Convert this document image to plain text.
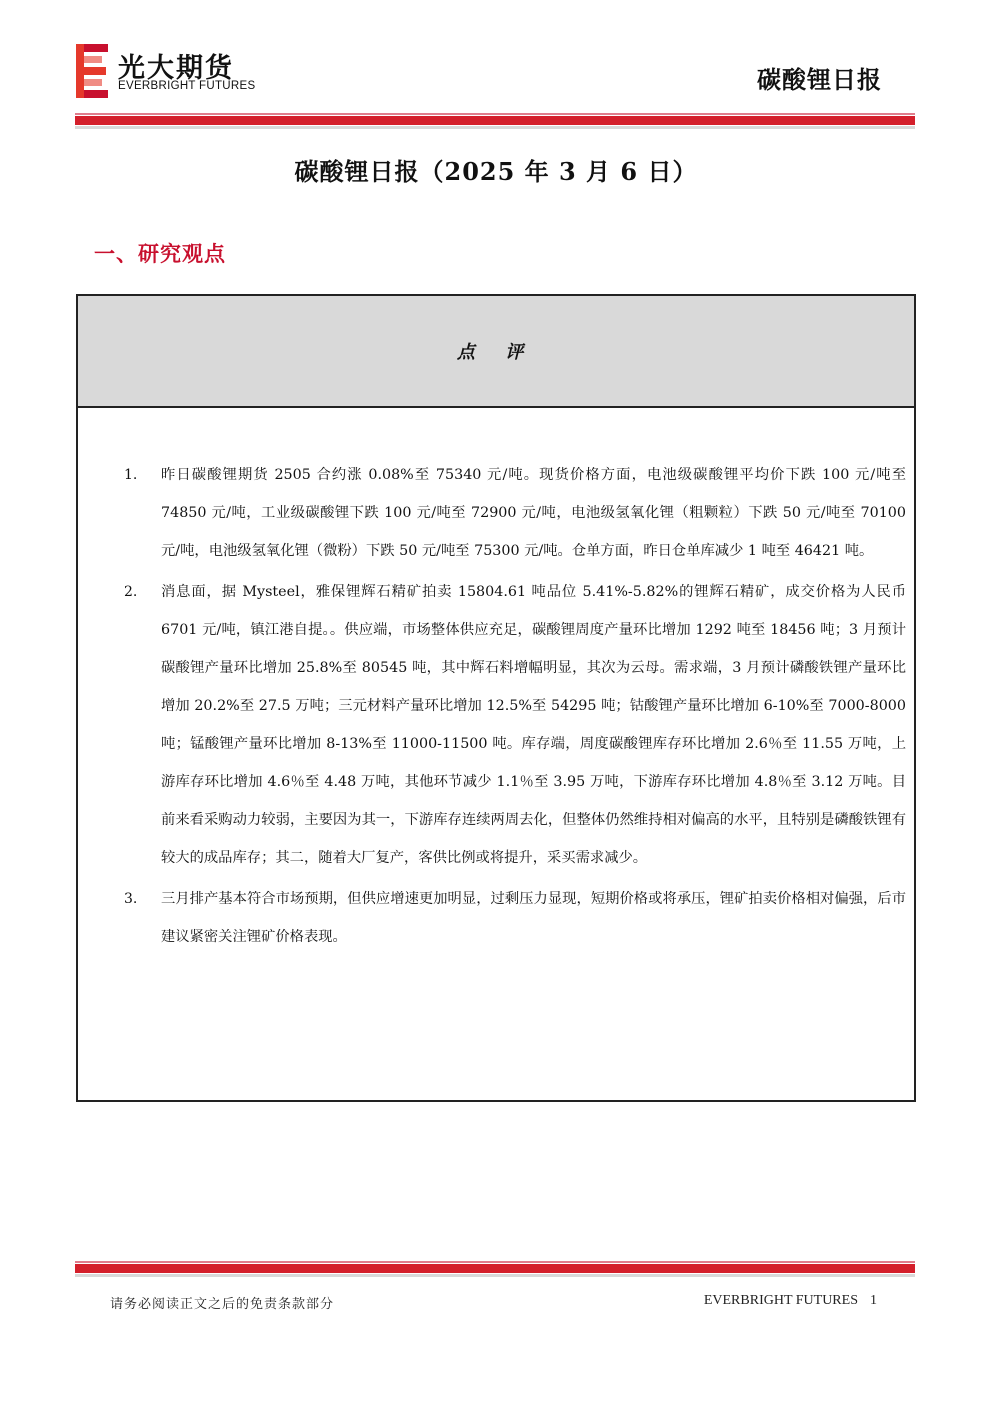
光大期货
EVERBRIGHT FUTURES	碳酸锂日报
碳酸锂日报（2025 年 3 月 6 日）
一、研究观点
点 评
1. 昨日碳酸锂期货 2505 合约涨 0.08%至 75340 元/吨。现货价格方面，电池级碳酸锂平均价下跌 100 元/吨至 74850 元/吨，工业级碳酸锂下跌 100 元/吨至 72900 元/吨，电池级氢氧化锂（粗颗粒）下跌 50 元/吨至 70100 元/吨，电池级氢氧化锂（微粉）下跌 50 元/吨至 75300 元/吨。仓单方面，昨日仓单库减少 1 吨至 46421 吨。
2. 消息面，据 Mysteel，雅保锂辉石精矿拍卖 15804.61 吨品位 5.41%-5.82%的锂辉石精矿，成交价格为人民币 6701 元/吨，镇江港自提。。供应端，市场整体供应充足，碳酸锂周度产量环比增加 1292 吨至 18456 吨；3 月预计碳酸锂产量环比增加 25.8%至 80545 吨，其中辉石料增幅明显，其次为云母。需求端，3 月预计磷酸铁锂产量环比增加 20.2%至 27.5 万吨；三元材料产量环比增加 12.5%至 54295 吨；钴酸锂产量环比增加 6-10%至 7000-8000 吨；锰酸锂产量环比增加 8-13%至 11000-11500 吨。库存端，周度碳酸锂库存环比增加 2.6％至 11.55 万吨，上游库存环比增加 4.6％至 4.48 万吨，其他环节减少 1.1％至 3.95 万吨，下游库存环比增加 4.8％至 3.12 万吨。目前来看采购动力较弱，主要因为其一，下游库存连续两周去化，但整体仍然维持相对偏高的水平，且特别是磷酸铁锂有较大的成品库存；其二，随着大厂复产，客供比例或将提升，采买需求减少。
3. 三月排产基本符合市场预期，但供应增速更加明显，过剩压力显现，短期价格或将承压，锂矿拍卖价格相对偏强，后市建议紧密关注锂矿价格表现。
请务必阅读正文之后的免责条款部分	EVERBRIGHT FUTURES 1
